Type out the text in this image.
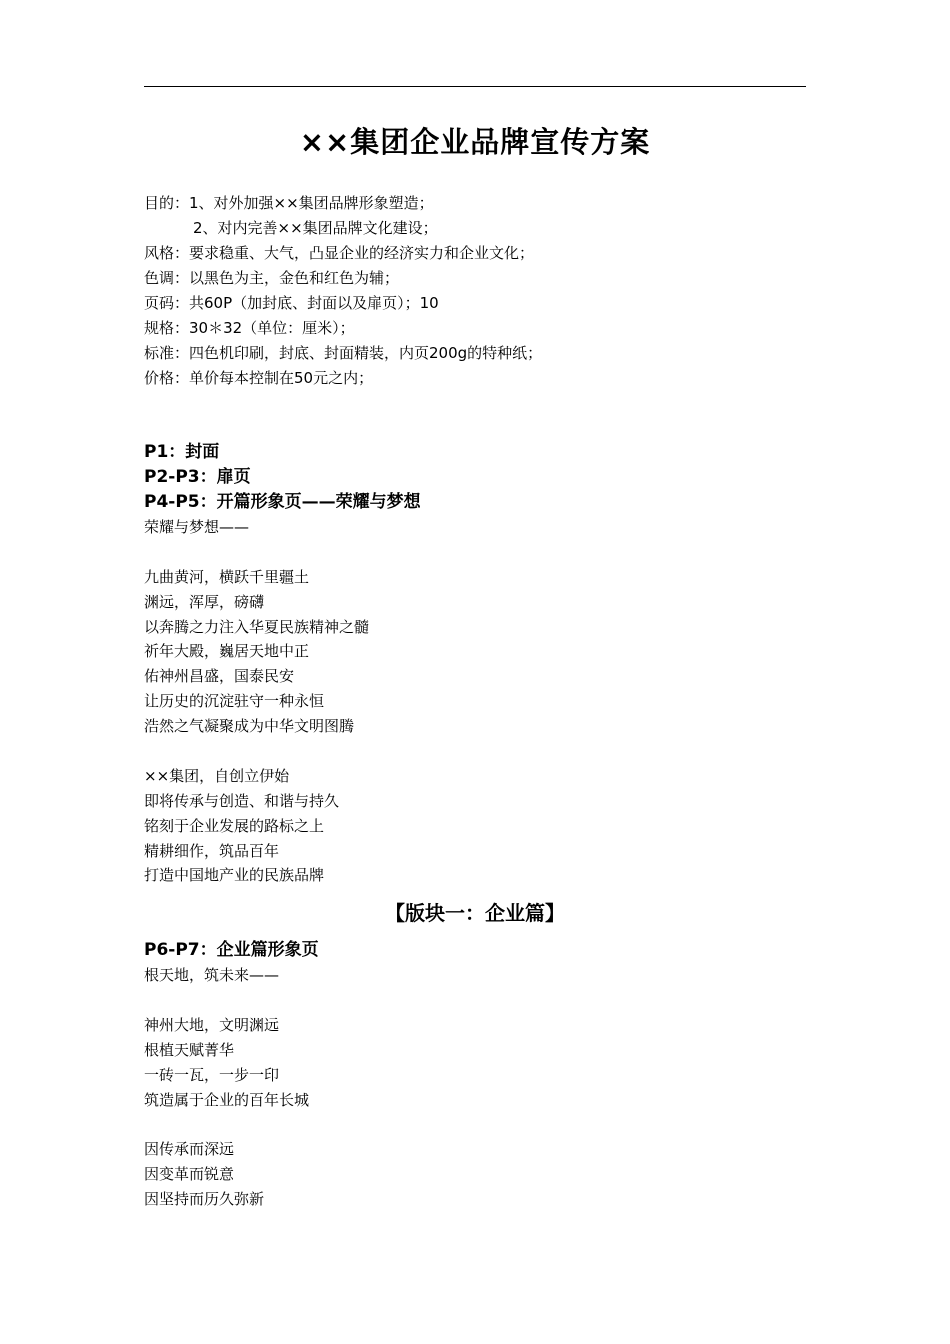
××集团企业品牌宣传方案
目的：1、对外加强××集团品牌形象塑造；
2、对内完善××集团品牌文化建设；
风格：要求稳重、大气，凸显企业的经济实力和企业文化；
色调：以黑色为主，金色和红色为辅；
页码：共60P（加封底、封面以及扉页）；10
规格：30＊32（单位：厘米）；
标准：四色机印刷，封底、封面精装，内页200g的特种纸；
价格：单价每本控制在50元之内；
P1：封面
P2-P3：扉页
P4-P5：开篇形象页——荣耀与梦想
荣耀与梦想——
九曲黄河，横跃千里疆土
渊远，浑厚，磅礴
以奔腾之力注入华夏民族精神之髓
祈年大殿，巍居天地中正
佑神州昌盛，国泰民安
让历史的沉淀驻守一种永恒
浩然之气凝聚成为中华文明图腾
××集团，自创立伊始
即将传承与创造、和谐与持久
铭刻于企业发展的路标之上
精耕细作，筑品百年
打造中国地产业的民族品牌
【版块一：企业篇】
P6-P7：企业篇形象页
根天地，筑未来——
神州大地，文明渊远
根植天赋菁华
一砖一瓦，一步一印
筑造属于企业的百年长城
因传承而深远
因变革而锐意
因坚持而历久弥新
